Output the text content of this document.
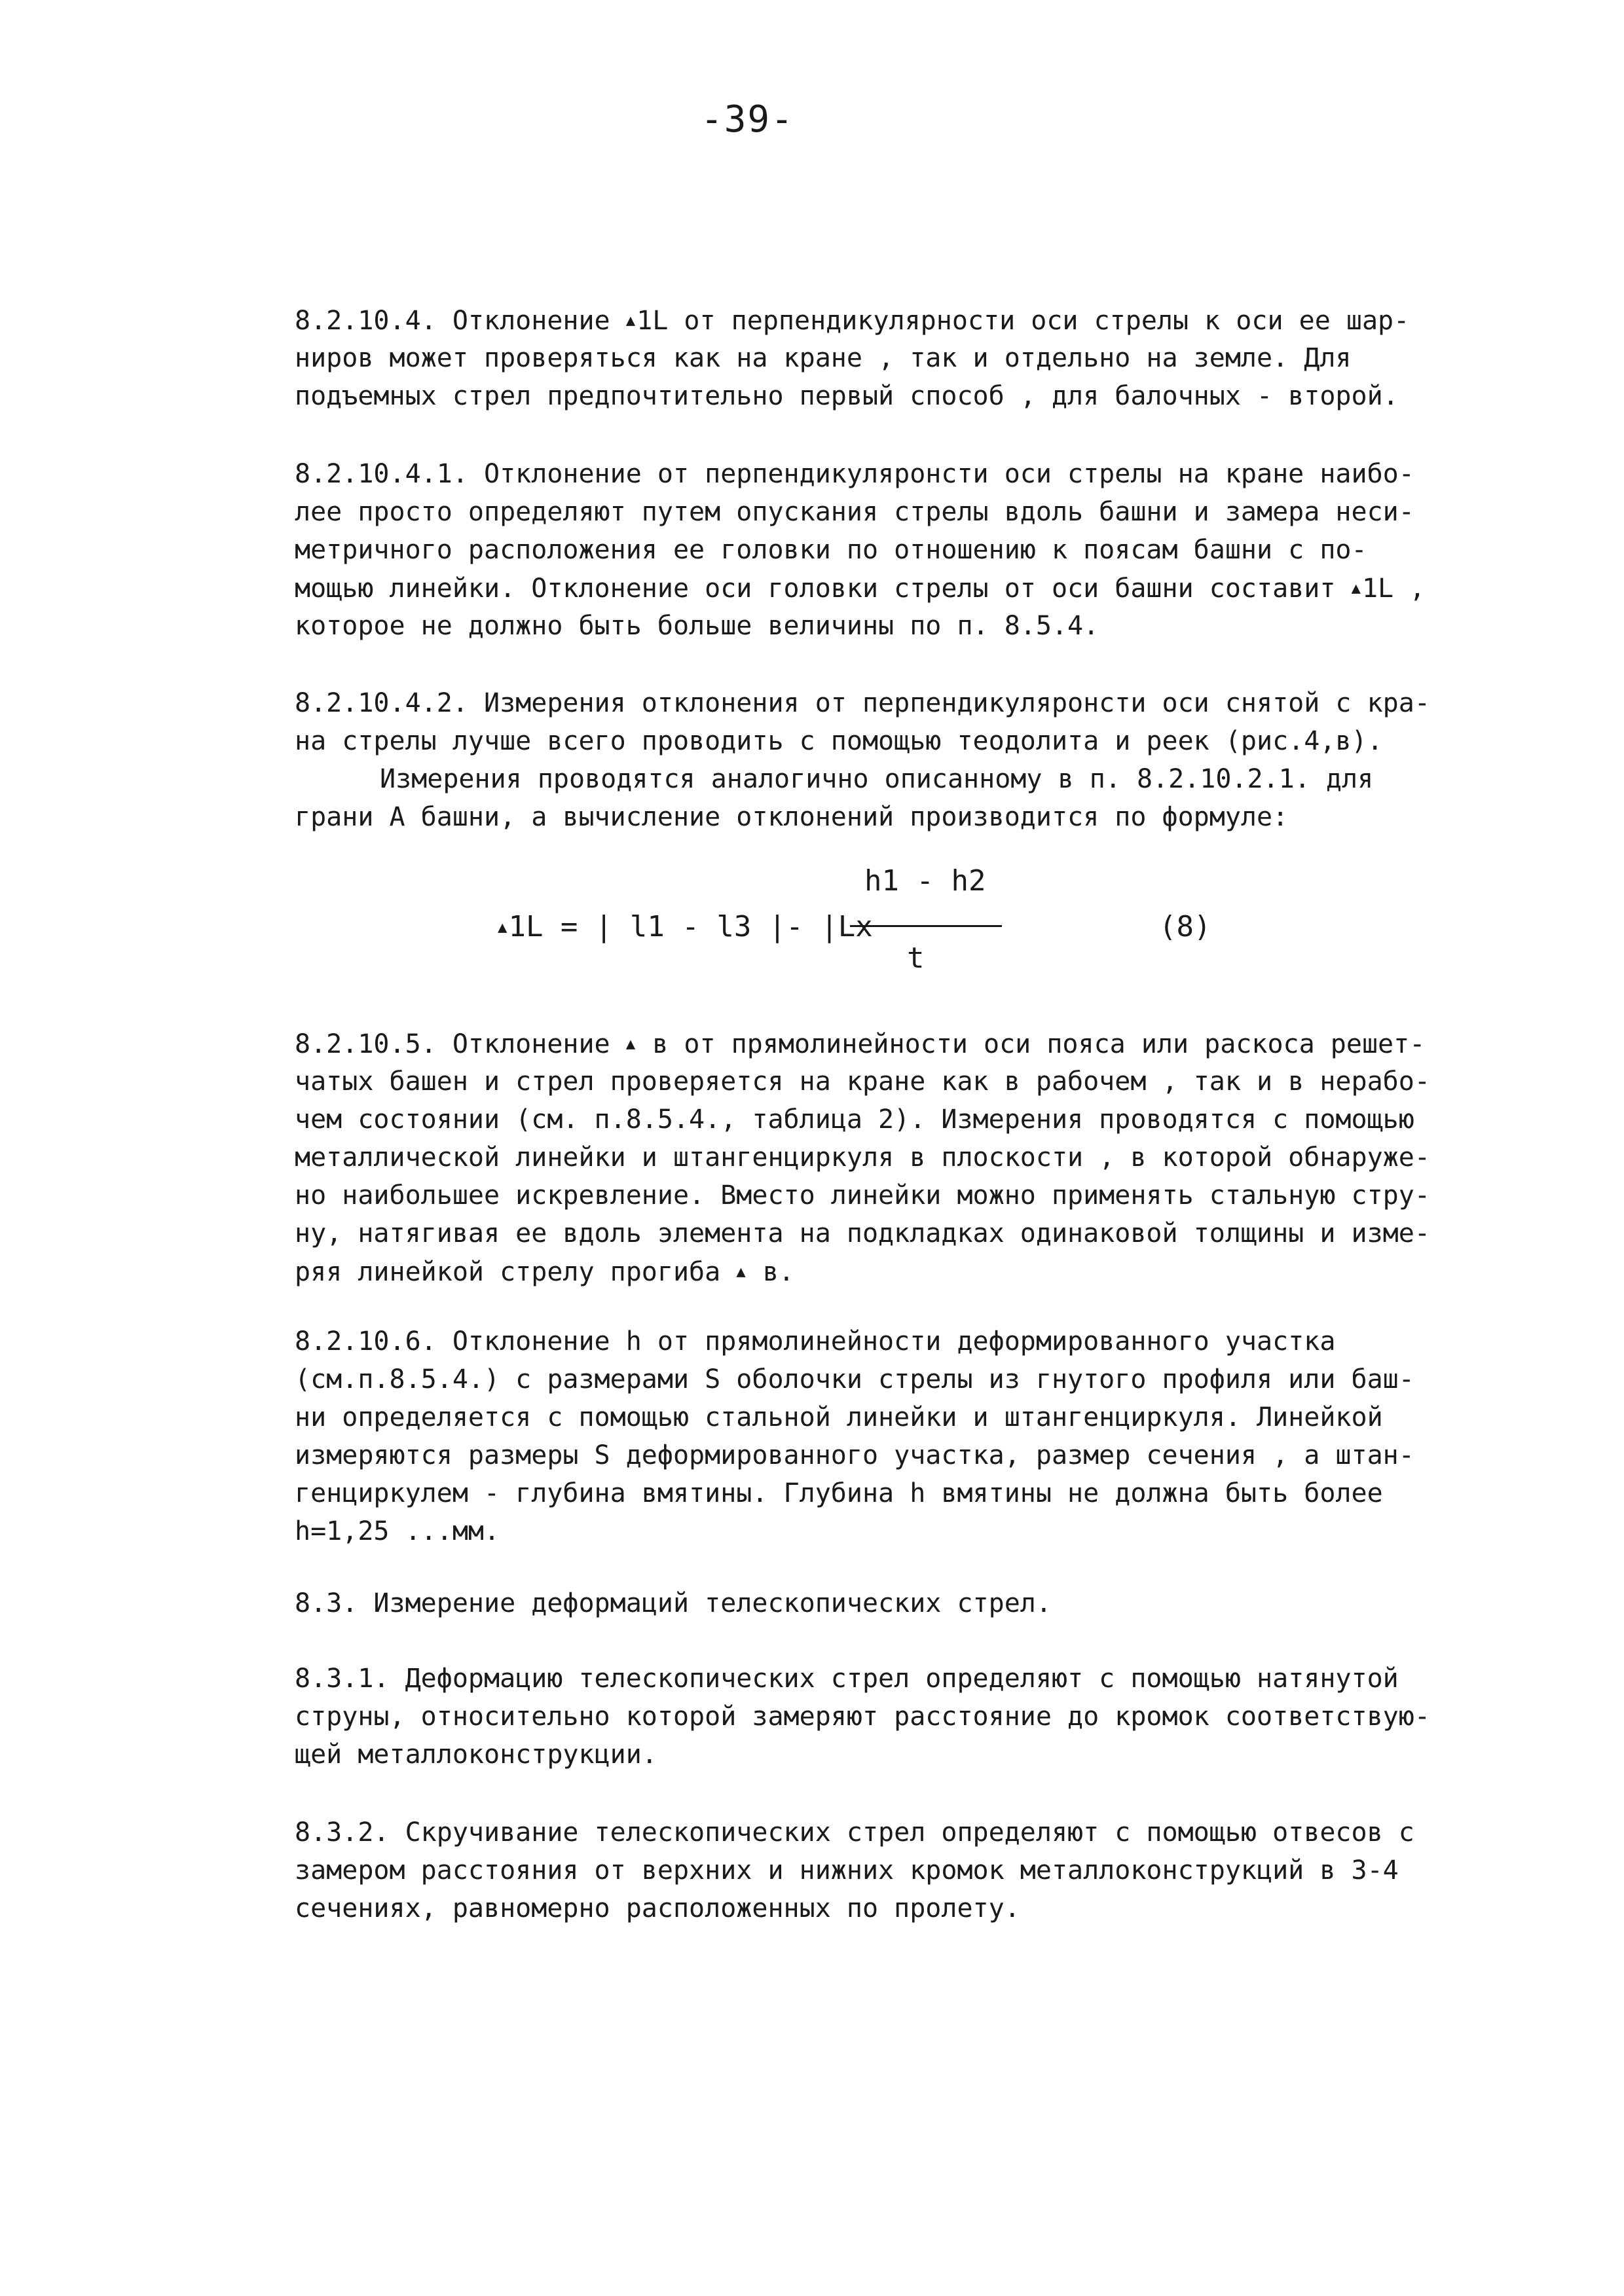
-39-
8.2.10.4. Отклонение ▲1L от перпендикулярности оси стрелы к оси ее шар-
ниров может проверяться как на кране , так и отдельно на земле. Для
подъемных стрел предпочтительно первый способ , для балочных - второй.
8.2.10.4.1. Отклонение от перпендикуляронсти оси стрелы на кране наибо-
лее просто определяют путем опускания стрелы вдоль башни и замера неси-
метричного расположения ее головки по отношению к поясам башни с по-
мощью линейки. Отклонение оси головки стрелы от оси башни составит ▲1L ,
которое не должно быть больше величины по п. 8.5.4.
8.2.10.4.2. Измерения отклонения от перпендикуляронсти оси снятой с кра-
на стрелы лучше всего проводить с помощью теодолита и реек (рис.4,в).
Измерения проводятся аналогично описанному в п. 8.2.10.2.1. для
грани А башни, а вычисление отклонений производится по формуле:
▲1L = | l1 - l3 |- |Lx
h1 - h2
t
(8)
8.2.10.5. Отклонение ▲ в от прямолинейности оси пояса или раскоса решет-
чатых башен и стрел проверяется на кране как в рабочем , так и в нерабо-
чем состоянии (см. п.8.5.4., таблица 2). Измерения проводятся с помощью
металлической линейки и штангенциркуля в плоскости , в которой обнаруже-
но наибольшее искревление. Вместо линейки можно применять стальную стру-
ну, натягивая ее вдоль элемента на подкладках одинаковой толщины и изме-
ряя линейкой стрелу прогиба ▲ в.
8.2.10.6. Отклонение h от прямолинейности деформированного участка
(см.п.8.5.4.) с размерами S оболочки стрелы из гнутого профиля или баш-
ни определяется с помощью стальной линейки и штангенциркуля. Линейкой
измеряются размеры S деформированного участка, размер сечения , а штан-
генциркулем - глубина вмятины. Глубина h вмятины не должна быть более
h=1,25 ...мм.
8.3. Измерение деформаций телескопических стрел.
8.3.1. Деформацию телескопических стрел определяют с помощью натянутой
струны, относительно которой замеряют расстояние до кромок соответствую-
щей металлоконструкции.
8.3.2. Скручивание телескопических стрел определяют с помощью отвесов с
замером расстояния от верхних и нижних кромок металлоконструкций в 3-4
сечениях, равномерно расположенных по пролету.
